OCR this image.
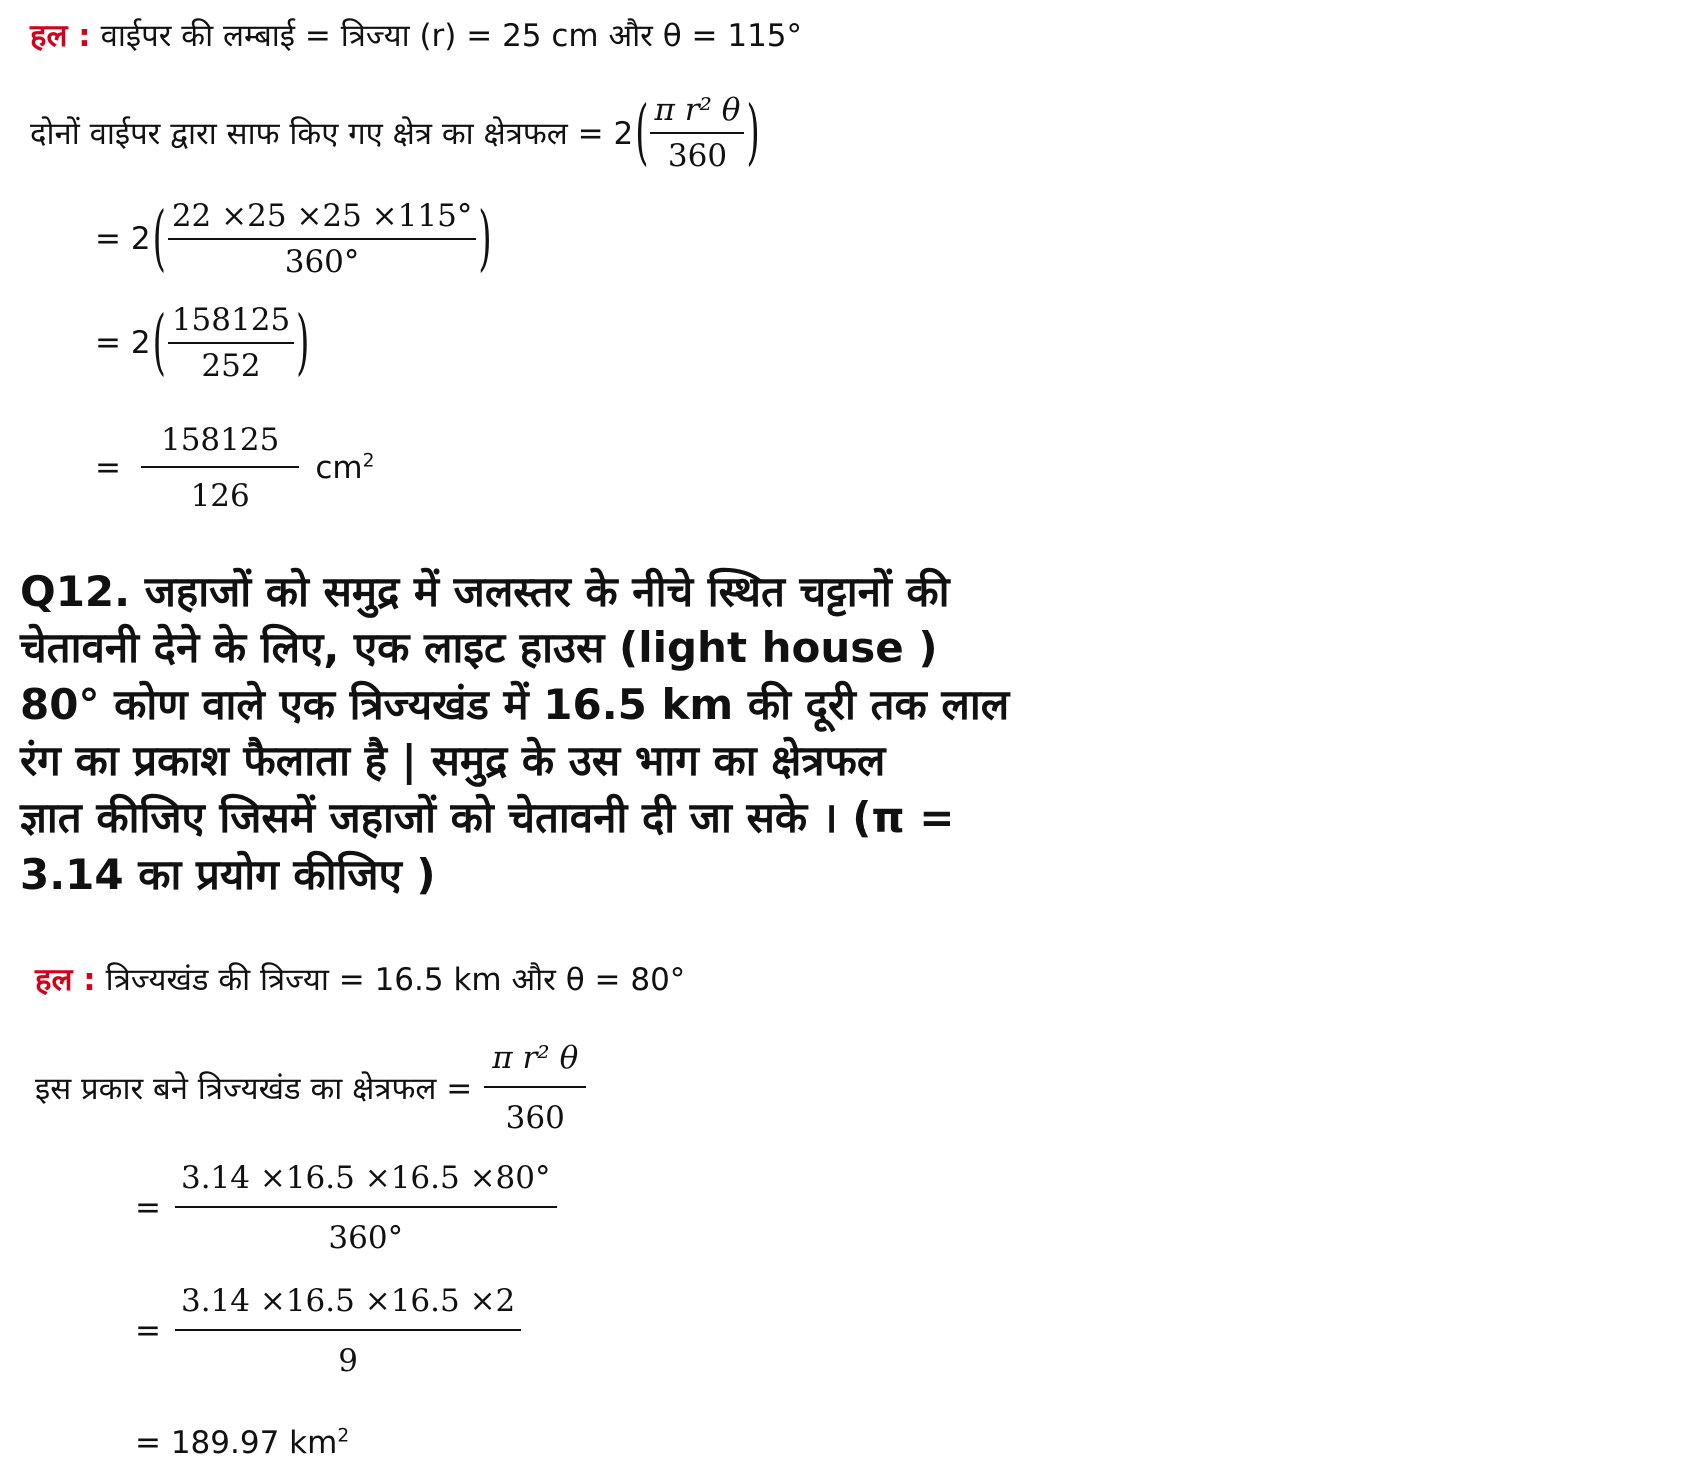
हल : वाईपर की लम्बाई = त्रिज्या (r) = 25 cm और θ = 115°
दोनों वाईपर द्वारा साफ किए गए क्षेत्र का क्षेत्रफल = 2 ( $\frac{\text{π r² θ}}{360}$ )
= 2 ( $\frac{22 \times 25 \times 25 \times 115^\circ}{360^\circ}$ )
= 2 ( $\frac{158125}{252}$ )
= $\frac{158125}{126} cm^2$
Q12. जहाजों को समुद्र में जलस्तर के नीचे स्थित चट्टानों की
चेतावनी देने के लिए, एक लाइट हाउस (light house )
80° कोण वाले एक त्रिज्यखंड में 16.5 km की दूरी तक लाल
रंग का प्रकाश फैलाता है | समुद्र के उस भाग का क्षेत्रफल
ज्ञात कीजिए जिसमें जहाजों को चेतावनी दी जा सके । (π =
3.14 का प्रयोग कीजिए )
हल : त्रिज्यखंड की त्रिज्या = 16.5 km और θ = 80°
इस प्रकार बने त्रिज्यखंड का क्षेत्रफल = $\frac{\text{π r² θ}}{360}$
= $\frac{3.14 \times 16.5 \times 16.5 \times 80^\circ}{360^\circ}$
= $\frac{3.14 \times 16.5 \times 16.5 \times 2}{9}$
= 189.97 $km^2$
